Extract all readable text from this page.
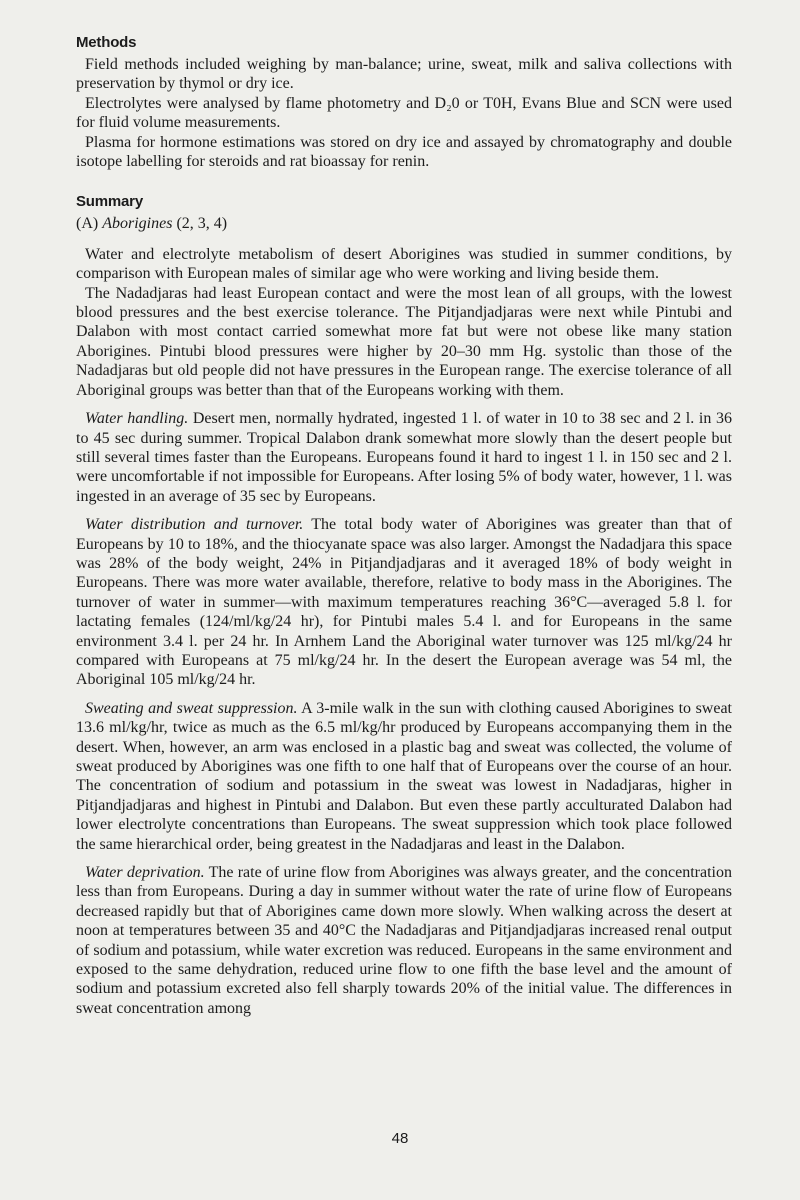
Methods

Field methods included weighing by man-balance; urine, sweat, milk and saliva collections with preservation by thymol or dry ice.

Electrolytes were analysed by flame photometry and D₂0 or T0H, Evans Blue and SCN were used for fluid volume measurements.

Plasma for hormone estimations was stored on dry ice and assayed by chromatography and double isotope labelling for steroids and rat bioassay for renin.

Summary

(A) Aborigines (2, 3, 4)

Water and electrolyte metabolism of desert Aborigines was studied in summer conditions, by comparison with European males of similar age who were working and living beside them.

The Nadadjaras had least European contact and were the most lean of all groups, with the lowest blood pressures and the best exercise tolerance. The Pitjandjadjaras were next while Pintubi and Dalabon with most contact carried somewhat more fat but were not obese like many station Aborigines. Pintubi blood pressures were higher by 20–30 mm Hg. systolic than those of the Nadadjaras but old people did not have pressures in the European range. The exercise tolerance of all Aboriginal groups was better than that of the Europeans working with them.

Water handling. Desert men, normally hydrated, ingested 1 l. of water in 10 to 38 sec and 2 l. in 36 to 45 sec during summer. Tropical Dalabon drank somewhat more slowly than the desert people but still several times faster than the Europeans. Europeans found it hard to ingest 1 l. in 150 sec and 2 l. were uncomfortable if not impossible for Europeans. After losing 5% of body water, however, 1 l. was ingested in an average of 35 sec by Europeans.

Water distribution and turnover. The total body water of Aborigines was greater than that of Europeans by 10 to 18%, and the thiocyanate space was also larger. Amongst the Nadadjara this space was 28% of the body weight, 24% in Pitjandjadjaras and it averaged 18% of body weight in Europeans. There was more water available, therefore, relative to body mass in the Aborigines. The turnover of water in summer—with maximum temperatures reaching 36°C—averaged 5.8 l. for lactating females (124/ml/kg/24 hr), for Pintubi males 5.4 l. and for Europeans in the same environment 3.4 l. per 24 hr. In Arnhem Land the Aboriginal water turnover was 125 ml/kg/24 hr compared with Europeans at 75 ml/kg/24 hr. In the desert the European average was 54 ml, the Aboriginal 105 ml/kg/24 hr.

Sweating and sweat suppression. A 3-mile walk in the sun with clothing caused Aborigines to sweat 13.6 ml/kg/hr, twice as much as the 6.5 ml/kg/hr produced by Europeans accompanying them in the desert. When, however, an arm was enclosed in a plastic bag and sweat was collected, the volume of sweat produced by Aborigines was one fifth to one half that of Europeans over the course of an hour. The concentration of sodium and potassium in the sweat was lowest in Nadadjaras, higher in Pitjandjadjaras and highest in Pintubi and Dalabon. But even these partly acculturated Dalabon had lower electrolyte concentrations than Europeans. The sweat suppression which took place followed the same hierarchical order, being greatest in the Nadadjaras and least in the Dalabon.

Water deprivation. The rate of urine flow from Aborigines was always greater, and the concentration less than from Europeans. During a day in summer without water the rate of urine flow of Europeans decreased rapidly but that of Aborigines came down more slowly. When walking across the desert at noon at temperatures between 35 and 40°C the Nadadjaras and Pitjandjadjaras increased renal output of sodium and potassium, while water excretion was reduced. Europeans in the same environment and exposed to the same dehydration, reduced urine flow to one fifth the base level and the amount of sodium and potassium excreted also fell sharply towards 20% of the initial value. The differences in sweat concentration among

48
